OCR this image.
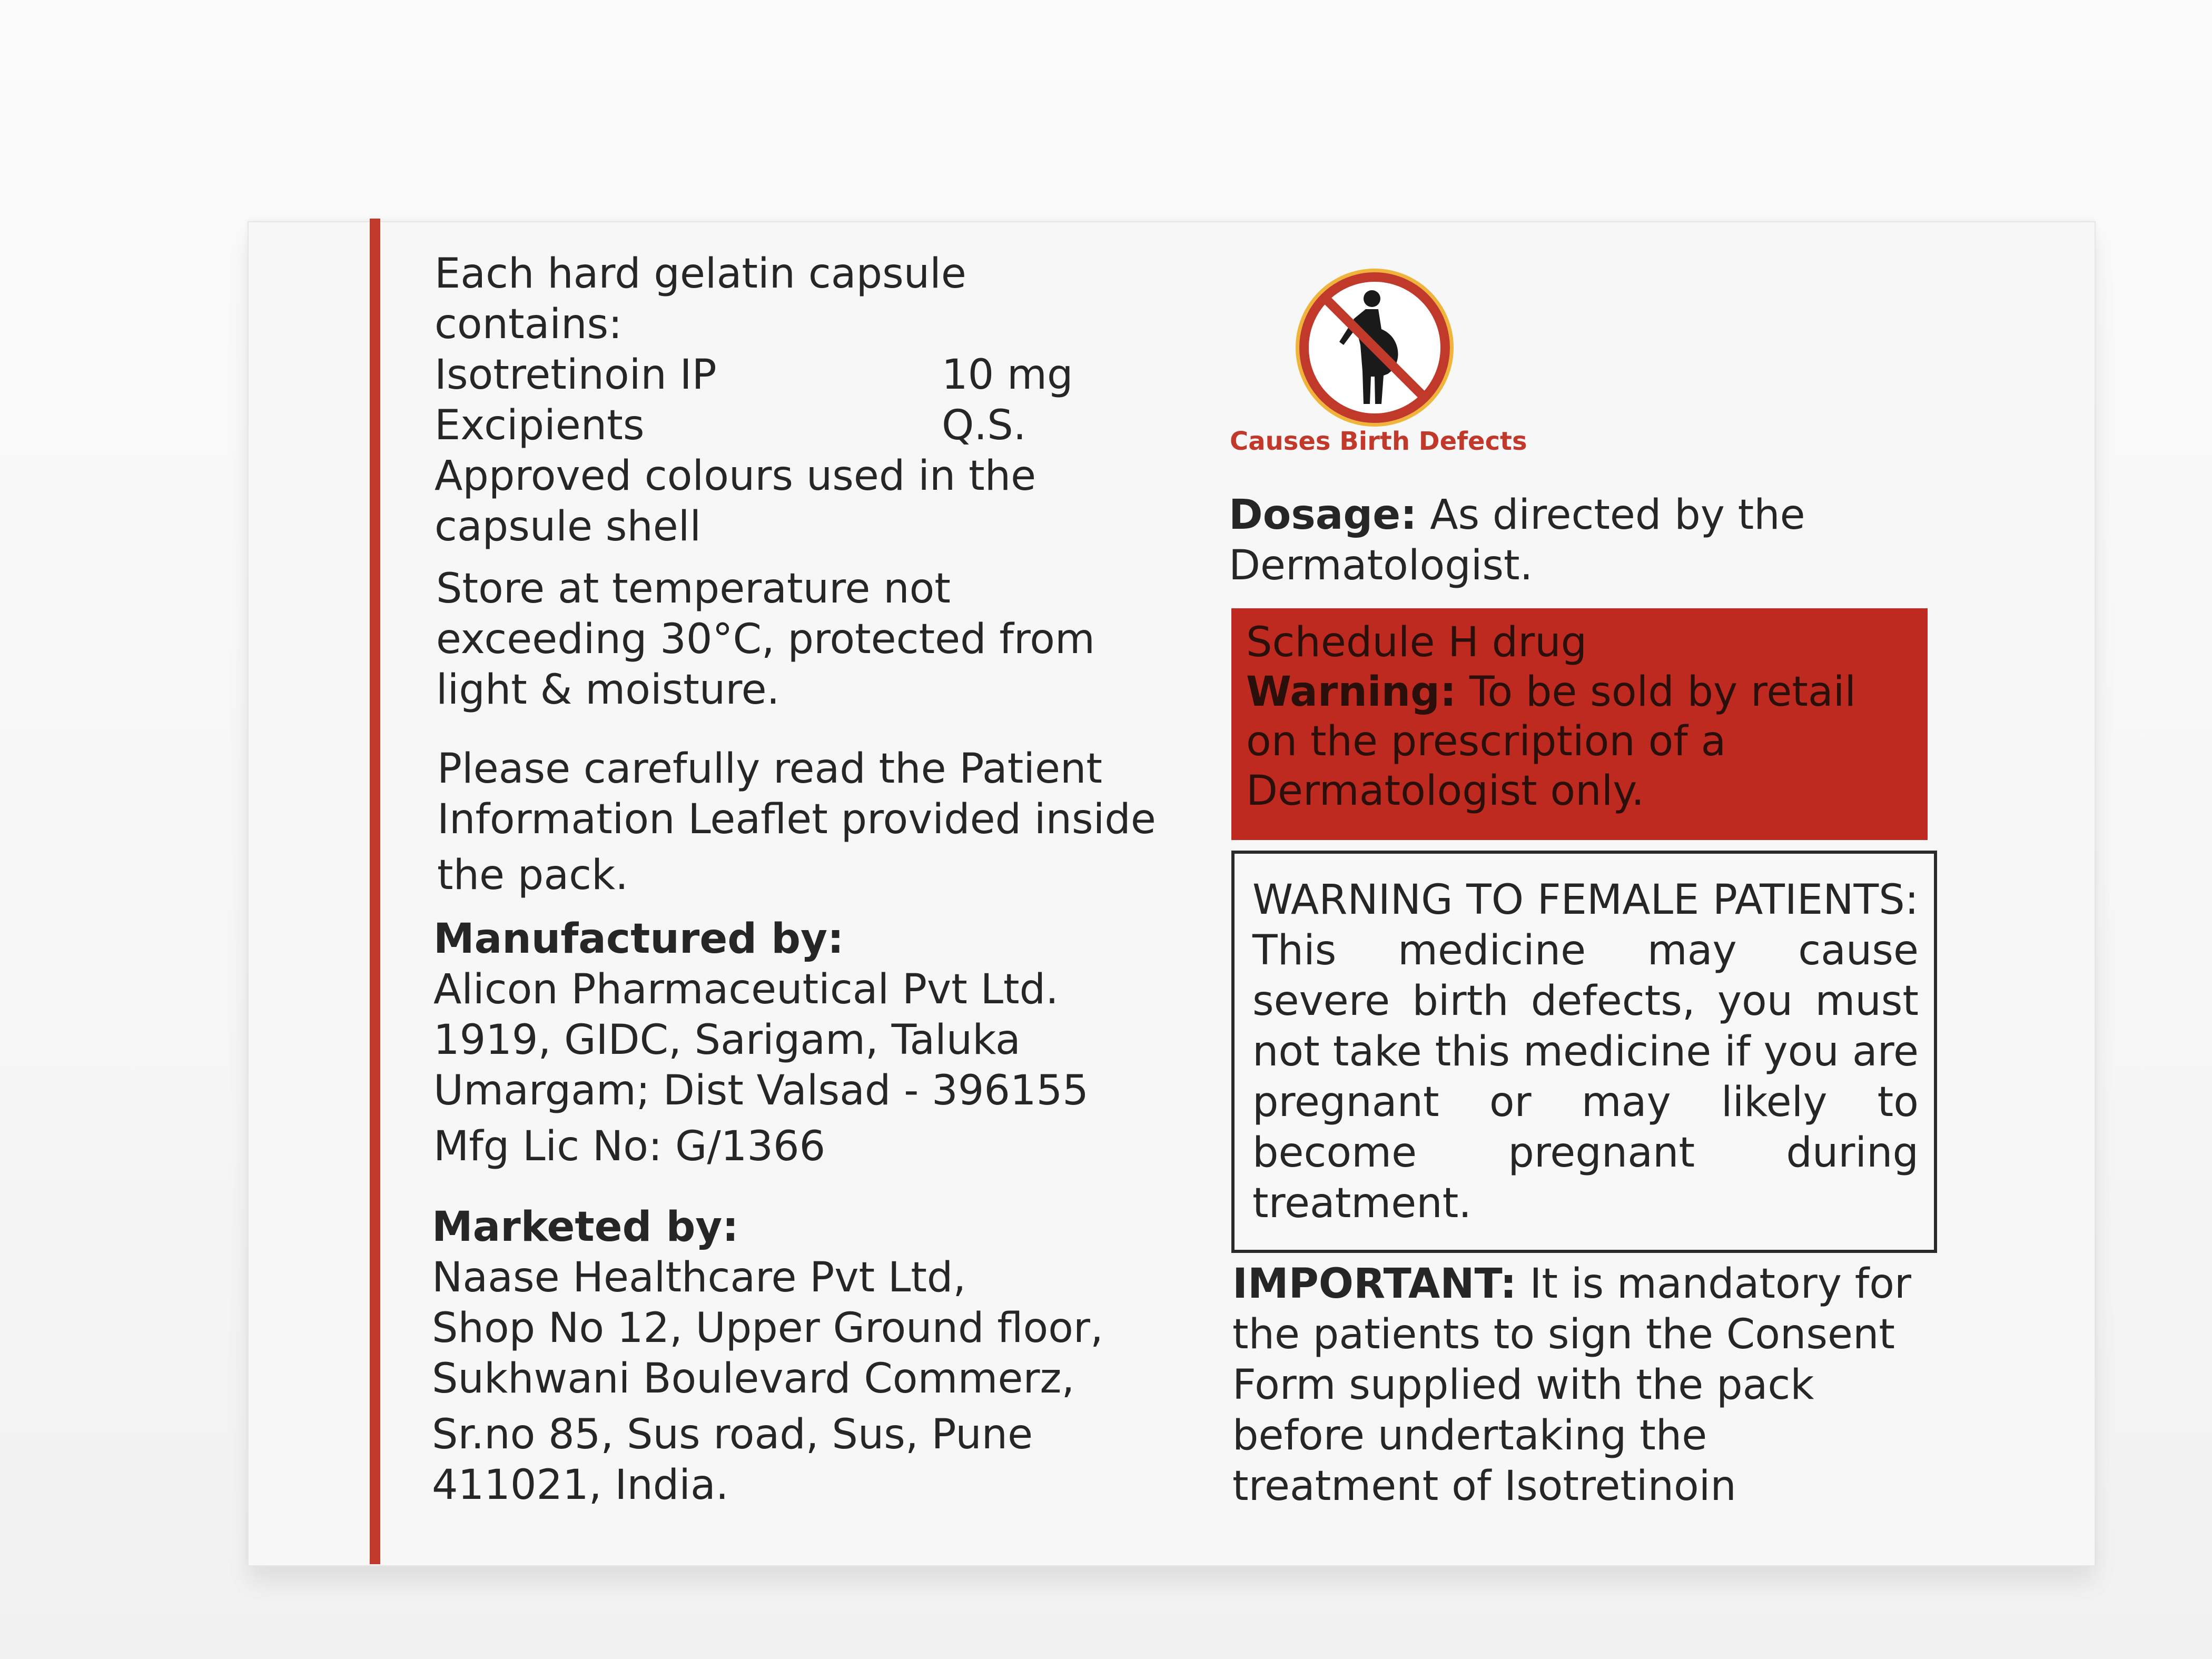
Each hard gelatin capsule
contains:
Isotretinoin IP	10 mg
Excipients	Q.S.
Approved colours used in the
capsule shell
Store at temperature not
exceeding 30°C, protected from
light & moisture.
Please carefully read the Patient
Information Leaflet provided inside
the pack.
Manufactured by:
Alicon Pharmaceutical Pvt Ltd.
1919, GIDC, Sarigam, Taluka
Umargam; Dist Valsad - 396155
Mfg Lic No: G/1366
Marketed by:
Naase Healthcare Pvt Ltd,
Shop No 12, Upper Ground floor,
Sukhwani Boulevard Commerz,
Sr.no 85, Sus road, Sus, Pune
411021, India.
Causes Birth Defects
Dosage: As directed by the
Dermatologist.
Schedule H drug
Warning: To be sold by retail
on the prescription of a
Dermatologist only.
WARNING TO FEMALE PATIENTS:
This medicine may cause
severe birth defects, you must
not take this medicine if you are
pregnant or may likely to
become pregnant during
treatment.
IMPORTANT: It is mandatory for
the patients to sign the Consent
Form supplied with the pack
before undertaking the
treatment of Isotretinoin
